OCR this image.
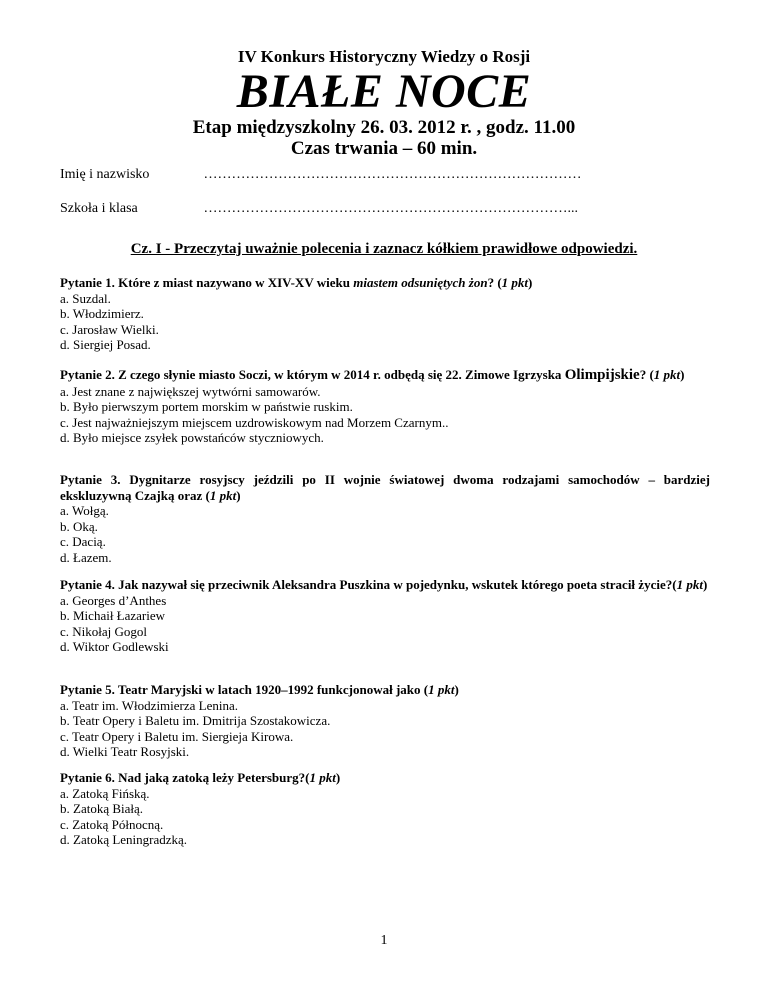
IV Konkurs Historyczny Wiedzy o Rosji
BIAŁE NOCE
Etap międzyszkolny 26. 03. 2012 r. , godz. 11.00
Czas trwania – 60 min.
Imię i nazwisko	………………………………………………………………………
Szkoła i klasa	……………………………………………………………………...
Cz. I - Przeczytaj uważnie polecenia i zaznacz kółkiem prawidłowe odpowiedzi.
Pytanie 1. Które z miast nazywano w XIV-XV wieku miastem odsuniętych żon? (1 pkt)
a. Suzdal.
b. Włodzimierz.
c. Jarosław Wielki.
d. Siergiej Posad.
Pytanie 2. Z czego słynie miasto Soczi, w którym w 2014 r. odbędą się 22. Zimowe Igrzyska Olimpijskie? (1 pkt)
a. Jest znane z największej wytwórni samowarów.
b. Było pierwszym portem morskim w państwie ruskim.
c. Jest najważniejszym miejscem uzdrowiskowym nad Morzem Czarnym..
d. Było miejsce zsyłek powstańców styczniowych.
Pytanie 3. Dygnitarze rosyjscy jeździli po II wojnie światowej dwoma rodzajami samochodów – bardziej ekskluzywną Czajką oraz (1 pkt)
a. Wołgą.
b. Oką.
c. Dacią.
d. Łazem.
Pytanie 4. Jak nazywał się przeciwnik Aleksandra Puszkina w pojedynku, wskutek którego poeta stracił życie?(1 pkt)
a. Georges d’Anthes
b. Michaił Łazariew
c. Nikołaj Gogol
d. Wiktor Godlewski
Pytanie 5. Teatr Maryjski w latach 1920–1992 funkcjonował jako (1 pkt)
a. Teatr im. Włodzimierza Lenina.
b. Teatr Opery i Baletu im. Dmitrija Szostakowicza.
c. Teatr Opery i Baletu im. Siergieja Kirowa.
d. Wielki Teatr Rosyjski.
Pytanie 6. Nad jaką zatoką leży Petersburg?(1 pkt)
a. Zatoką Fińską.
b. Zatoką Białą.
c. Zatoką Północną.
d. Zatoką Leningradzką.
1
